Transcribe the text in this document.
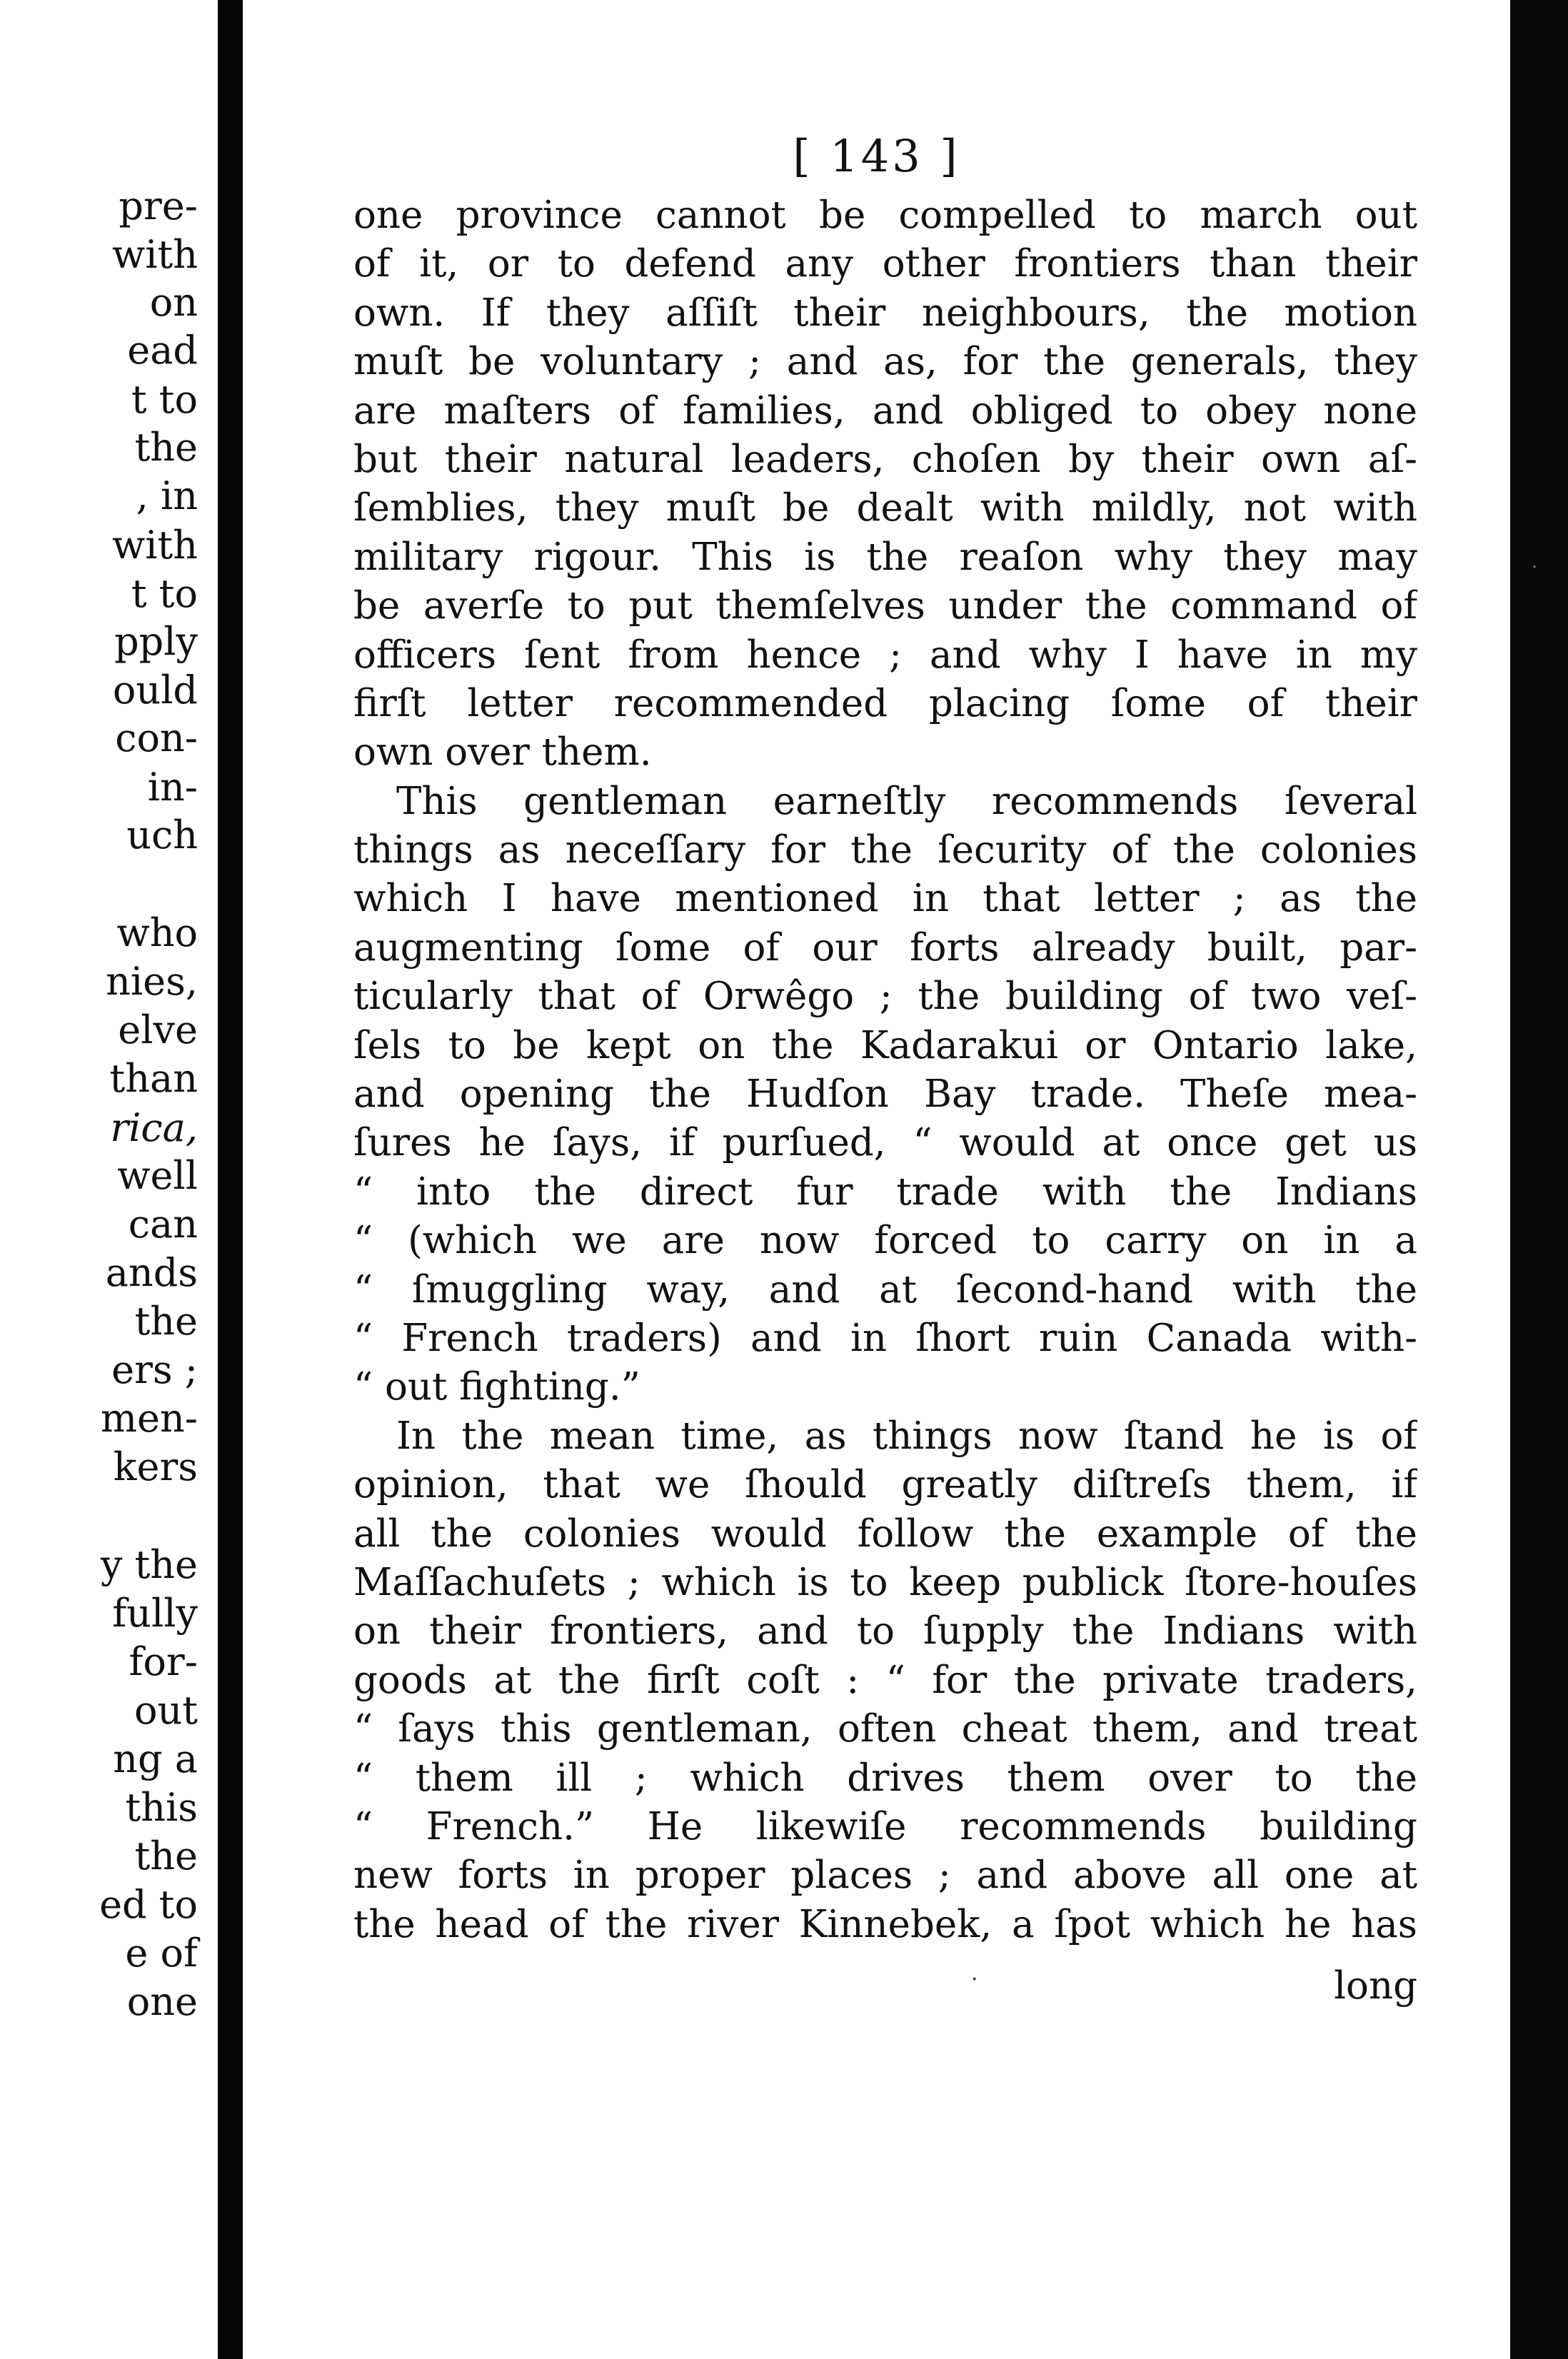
pre-
with
on
ead
t to
the
, in
with
t to
pply
ould
con-
in-
uch
who
nies,
elve
than
rica,
well
can
ands
the
ers ;
men-
kers
y the
fully
for-
out
ng a
this
the
ed to
e of
one
[ 143 ]
one province cannot be compelled to march out
of it, or to defend any other frontiers than their
own. If they aſſiſt their neighbours, the motion
muſt be voluntary ; and as, for the generals, they
are maſters of families, and obliged to obey none
but their natural leaders, choſen by their own aſ-
ſemblies, they muſt be dealt with mildly, not with
military rigour. This is the reaſon why they may
be averſe to put themſelves under the command of
officers ſent from hence ; and why I have in my
firſt letter recommended placing ſome of their
own over them.
This gentleman earneſtly recommends ſeveral
things as neceſſary for the ſecurity of the colonies
which I have mentioned in that letter ; as the
augmenting ſome of our forts already built, par-
ticularly that of Orwêgo ; the building of two veſ-
ſels to be kept on the Kadarakui or Ontario lake,
and opening the Hudſon Bay trade. Theſe mea-
ſures he ſays, if purſued, “ would at once get us
“ into the direct fur trade with the Indians
“ (which we are now forced to carry on in a
“ ſmuggling way, and at ſecond-hand with the
“ French traders) and in ſhort ruin Canada with-
“ out fighting.”
In the mean time, as things now ſtand he is of
opinion, that we ſhould greatly diſtreſs them, if
all the colonies would follow the example of the
Maſſachuſets ; which is to keep publick ſtore-houſes
on their frontiers, and to ſupply the Indians with
goods at the firſt coſt : “ for the private traders,
“ ſays this gentleman, often cheat them, and treat
“ them ill ; which drives them over to the
“ French.” He likewiſe recommends building
new forts in proper places ; and above all one at
the head of the river Kinnebek, a ſpot which he has
·	long
·
